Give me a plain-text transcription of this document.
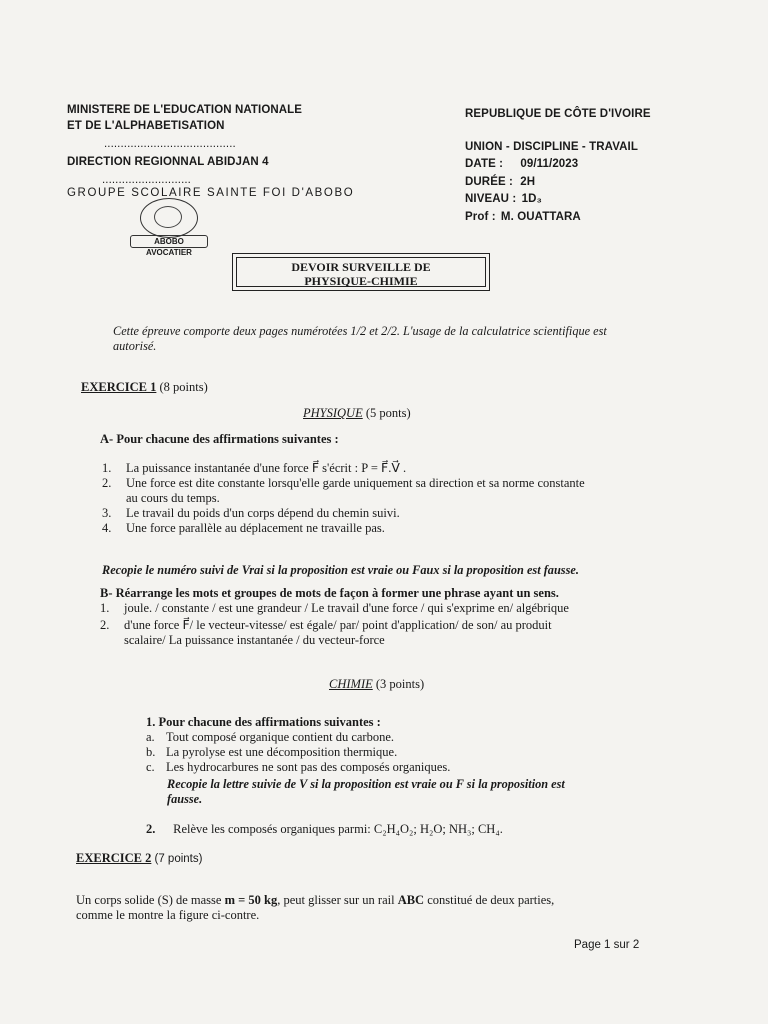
MINISTERE DE L'EDUCATION NATIONALE
ET DE L'ALPHABETISATION
........................................
DIRECTION REGIONNAL ABIDJAN 4
...........................
GROUPE SCOLAIRE SAINTE FOI D'ABOBO
ABOBO AVOCATIER
REPUBLIQUE DE CÔTE D'IVOIRE
UNION - DISCIPLINE - TRAVAIL
DATE : 09/11/2023
DURÉE : 2H
NIVEAU : 1D₃
Prof : M. OUATTARA
DEVOIR SURVEILLE DE
PHYSIQUE-CHIMIE
Cette épreuve comporte deux pages numérotées 1/2 et 2/2. L'usage de la calculatrice scientifique est
autorisé.
EXERCICE 1 (8 points)
PHYSIQUE (5 ponts)
A- Pour chacune des affirmations suivantes :
1. La puissance instantanée d'une force F⃗ s'écrit : P = F⃗.V⃗ .
2. Une force est dite constante lorsqu'elle garde uniquement sa direction et sa norme constante
au cours du temps.
3. Le travail du poids d'un corps dépend du chemin suivi.
4. Une force parallèle au déplacement ne travaille pas.
Recopie le numéro suivi de Vrai si la proposition est vraie ou Faux si la proposition est fausse.
B- Réarrange les mots et groupes de mots de façon à former une phrase ayant un sens.
1. joule. / constante / est une grandeur / Le travail d'une force / qui s'exprime en/ algébrique
2. d'une force F⃗/ le vecteur-vitesse/ est égale/ par/ point d'application/ de son/ au produit
scalaire/ La puissance instantanée / du vecteur-force
CHIMIE (3 points)
1. Pour chacune des affirmations suivantes :
a. Tout composé organique contient du carbone.
b. La pyrolyse est une décomposition thermique.
c. Les hydrocarbures ne sont pas des composés organiques.
Recopie la lettre suivie de V si la proposition est vraie ou F si la proposition est
fausse.
2. Relève les composés organiques parmi: C₂H₄O₂; H₂O; NH₃; CH₄.
EXERCICE 2 (7 points)
Un corps solide (S) de masse m = 50 kg, peut glisser sur un rail ABC constitué de deux parties,
comme le montre la figure ci-contre.
Page 1 sur 2
